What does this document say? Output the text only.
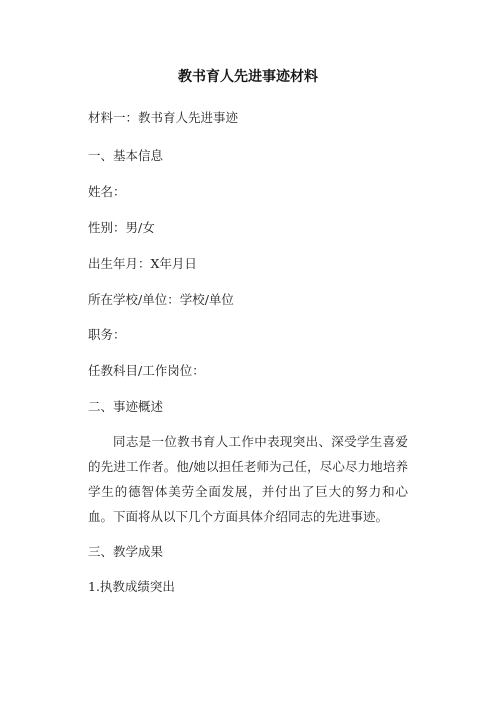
教书育人先进事迹材料
材料一：教书育人先进事迹
一、基本信息
姓名：
性别：男/女
出生年月：X年月日
所在学校/单位：学校/单位
职务：
任教科目/工作岗位：
二、事迹概述
同志是一位教书育人工作中表现突出、深受学生喜爱的先进工作者。他/她以担任老师为己任，尽心尽力地培养学生的德智体美劳全面发展，并付出了巨大的努力和心血。下面将从以下几个方面具体介绍同志的先进事迹。
三、教学成果
1.执教成绩突出
